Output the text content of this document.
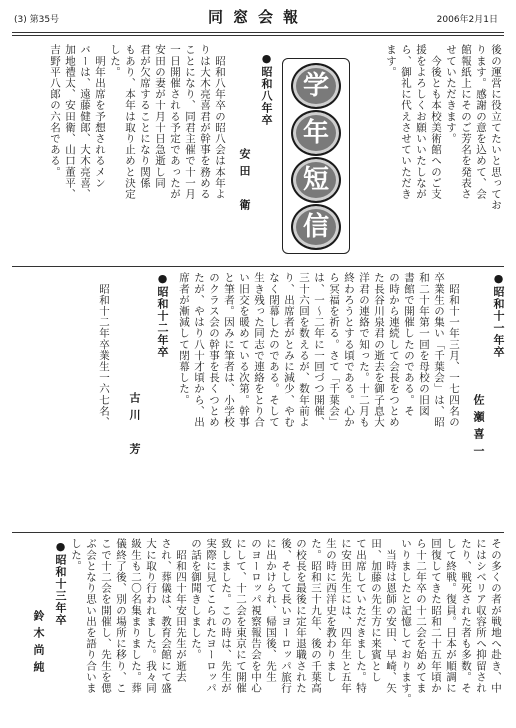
(3) 第35号	同窓会報	2006年2月1日
学
年
短
信
後の運営に役立てたいと思ってお
ります。感謝の意を込めて、会
館報紙上にそのご芳名を発表さ
せていただきます。
　今後とも本校美術館へのご支
援をよろしくお願いいたしなが
ら、御礼に代えさせていただき
ます。
●昭和八年卒
安田　衛
　昭和八年卒の昭八会は本年よ
りは大木亮喜君が幹事を務める
ことになり、同君主催で十一月
一日開催される予定であったが
安田の妻が十月十日急逝し同
君が欠席することになり関係
もあり、本年は取り止めと決定
した。
　明年出席を予想されるメン
バーは、遠藤健郎、大木亮喜、
加地禮太、安田衛、山口董平、
吉野平八郎の六名である。
●昭和十一年卒
佐瀬喜一
　昭和十一年三月、一七四名の
卒業生の集い「千葉会」は、昭
和二十年第一回を母校の旧図
書館で開催したのである。そ
の時から連続して会長をつとめ
た長谷川泉君の逝去を御子息大
洋君の連絡で知った。十二月も
終わろうとする頃である。心か
ら冥福を祈る。さて「千葉会」
は、一～二年に一回づつ開催、
三十六回を数えるが、数年前よ
り、出席者がとみに減少、やむ
なく閉幕したのである。そして
生き残った同志で連絡をとり合
い旧交を暖めている次第。幹事
と筆者。因みに筆者は、小学校
のクラス会の幹事を長くつとめ
たが、やはり八十才頃から、出
席者が漸減して閉幕した。
●昭和十二年卒
古川　芳
　昭和十二年卒業生一六七名、
その多くの者が戦地へ赴き、中
にはシベリア収容所へ抑留され
たり、戦死された者も多数。そ
して終戦。復員。日本が順調に
回復してきた昭和二十五年頃か
ら十二年卒の十二会を始めてま
いりましたと記憶しております。
　当時は恩師の安田、早崎、矢
田、加藤の先生方に来賓とし
て出席していただきました。特
に安田先生には、四年生と五年
生の時に西洋史を教わりまし
た。昭和三十九年、後の千葉高
の校長を最後に定年退職された
後、そして長いヨーロッパ旅行
に出かけられ、帰国後、先生
のヨーロッパ視察報告会を中心
にして、十二会を東京にて開催
致しました。この時は、先生が
実際に見てこられたヨーロッパ
の話を御聞きしました。
　昭和四十年安田先生が逝去
され、葬儀は、教育会館にて盛
大に取り行われました。我々同
級生も二〇名集まりました。葬
儀終了後、別の場所に移り、こ
こで十二会を開催し、先生を偲
ぶ会となり思い出を語り合いま
した。
●昭和十三年卒
鈴木尚純
